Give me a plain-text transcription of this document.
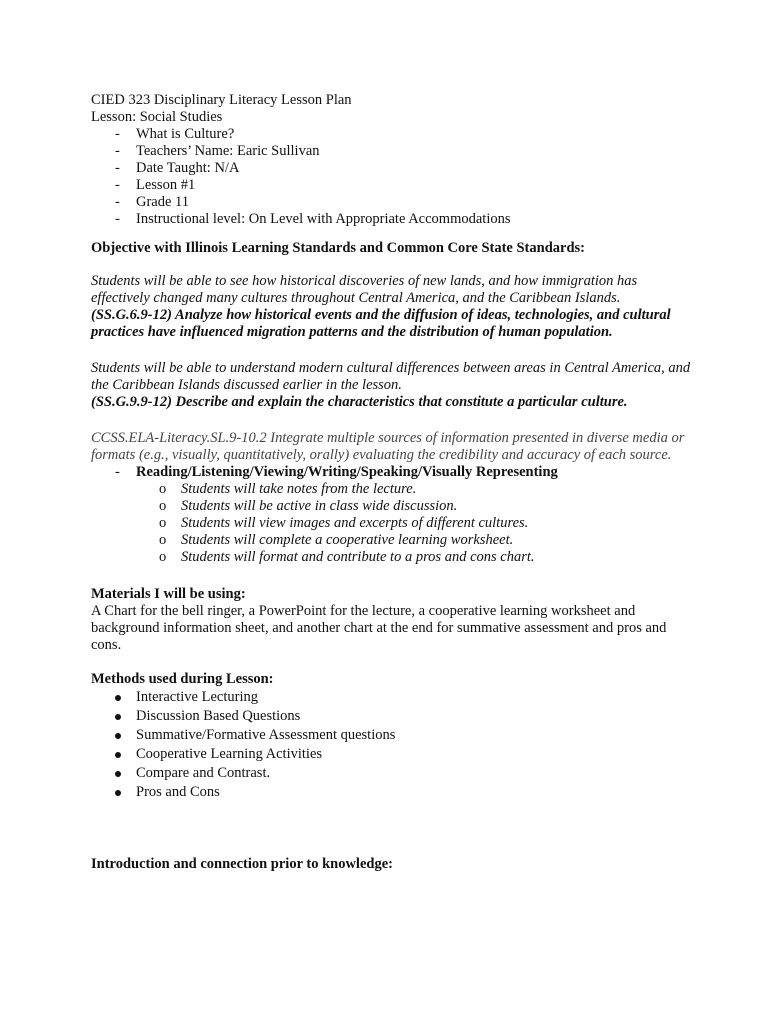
CIED 323 Disciplinary Literacy Lesson Plan
Lesson: Social Studies
- What is Culture?
- Teachers’ Name: Earic Sullivan
- Date Taught: N/A
- Lesson #1
- Grade 11
- Instructional level: On Level with Appropriate Accommodations
Objective with Illinois Learning Standards and Common Core State Standards:

Students will be able to see how historical discoveries of new lands, and how immigration has effectively changed many cultures throughout Central America, and the Caribbean Islands.

(SS.G.6.9-12) Analyze how historical events and the diffusion of ideas, technologies, and cultural practices have influenced migration patterns and the distribution of human population.

Students will be able to understand modern cultural differences between areas in Central America, and the Caribbean Islands discussed earlier in the lesson.

(SS.G.9.9-12) Describe and explain the characteristics that constitute a particular culture.

CCSS.ELA-Literacy.SL.9-10.2 Integrate multiple sources of information presented in diverse media or formats (e.g., visually, quantitatively, orally) evaluating the credibility and accuracy of each source.

- Reading/Listening/Viewing/Writing/Speaking/Visually Representing
o Students will take notes from the lecture.
o Students will be active in class wide discussion.
o Students will view images and excerpts of different cultures.
o Students will complete a cooperative learning worksheet.
o Students will format and contribute to a pros and cons chart.
Materials I will be using:

A Chart for the bell ringer, a PowerPoint for the lecture, a cooperative learning worksheet and background information sheet, and another chart at the end for summative assessment and pros and cons.

Methods used during Lesson:
Interactive Lecturing
Discussion Based Questions
Summative/Formative Assessment questions
Cooperative Learning Activities
Compare and Contrast.
Pros and Cons
Introduction and connection prior to knowledge:
